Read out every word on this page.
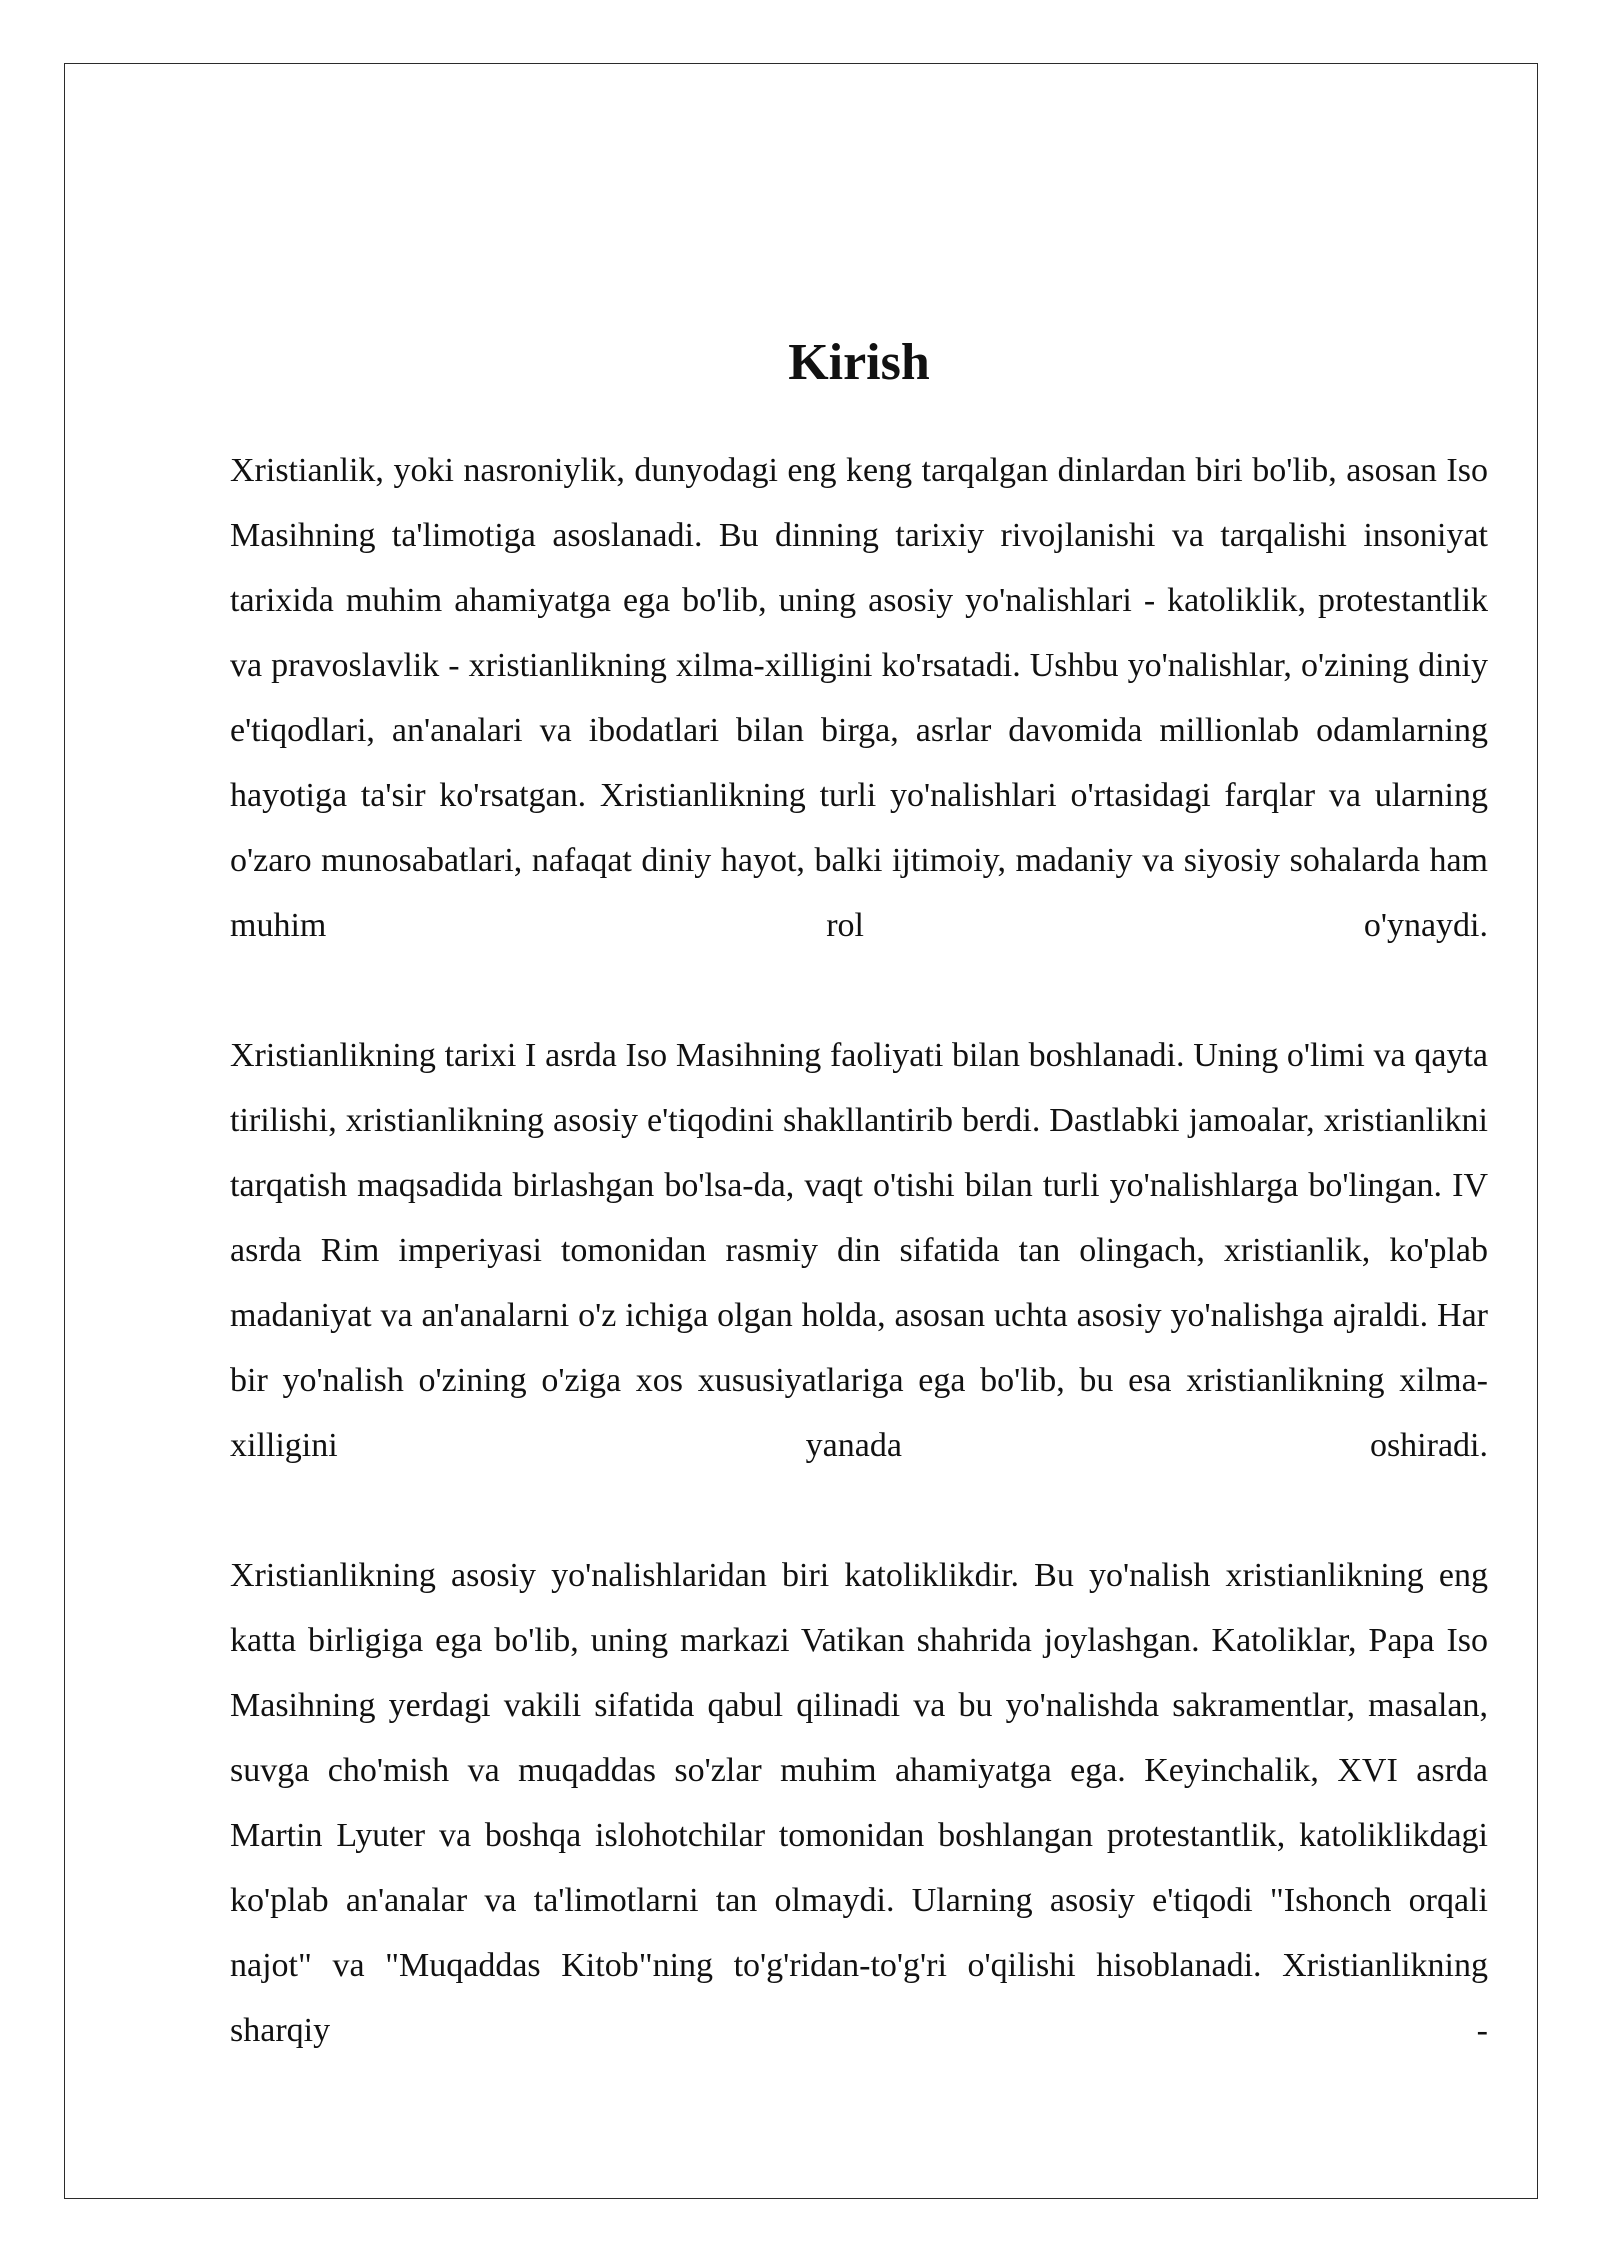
Kirish

Xristianlik, yoki nasroniylik, dunyodagi eng keng tarqalgan dinlardan biri bo'lib, asosan Iso Masihning ta'limotiga asoslanadi. Bu dinning tarixiy rivojlanishi va tarqalishi insoniyat tarixida muhim ahamiyatga ega bo'lib, uning asosiy yo'nalishlari - katoliklik, protestantlik va pravoslavlik - xristianlikning xilma-xilligini ko'rsatadi. Ushbu yo'nalishlar, o'zining diniy e'tiqodlari, an'analari va ibodatlari bilan birga, asrlar davomida millionlab odamlarning hayotiga ta'sir ko'rsatgan. Xristianlikning turli yo'nalishlari o'rtasidagi farqlar va ularning o'zaro munosabatlari, nafaqat diniy hayot, balki ijtimoiy, madaniy va siyosiy sohalarda ham muhim rol o'ynaydi.

Xristianlikning tarixi I asrda Iso Masihning faoliyati bilan boshlanadi. Uning o'limi va qayta tirilishi, xristianlikning asosiy e'tiqodini shakllantirib berdi. Dastlabki jamoalar, xristianlikni tarqatish maqsadida birlashgan bo'lsa-da, vaqt o'tishi bilan turli yo'nalishlarga bo'lingan. IV asrda Rim imperiyasi tomonidan rasmiy din sifatida tan olingach, xristianlik, ko'plab madaniyat va an'analarni o'z ichiga olgan holda, asosan uchta asosiy yo'nalishga ajraldi. Har bir yo'nalish o'zining o'ziga xos xususiyatlariga ega bo'lib, bu esa xristianlikning xilma-xilligini yanada oshiradi.

Xristianlikning asosiy yo'nalishlaridan biri katoliklikdir. Bu yo'nalish xristianlikning eng katta birligiga ega bo'lib, uning markazi Vatikan shahrida joylashgan. Katoliklar, Papa Iso Masihning yerdagi vakili sifatida qabul qilinadi va bu yo'nalishda sakramentlar, masalan, suvga cho'mish va muqaddas so'zlar muhim ahamiyatga ega. Keyinchalik, XVI asrda Martin Lyuter va boshqa islohotchilar tomonidan boshlangan protestantlik, katoliklikdagi ko'plab an'analar va ta'limotlarni tan olmaydi. Ularning asosiy e'tiqodi "Ishonch orqali najot" va "Muqaddas Kitob"ning to'g'ridan-to'g'ri o'qilishi hisoblanadi. Xristianlikning sharqiy -
